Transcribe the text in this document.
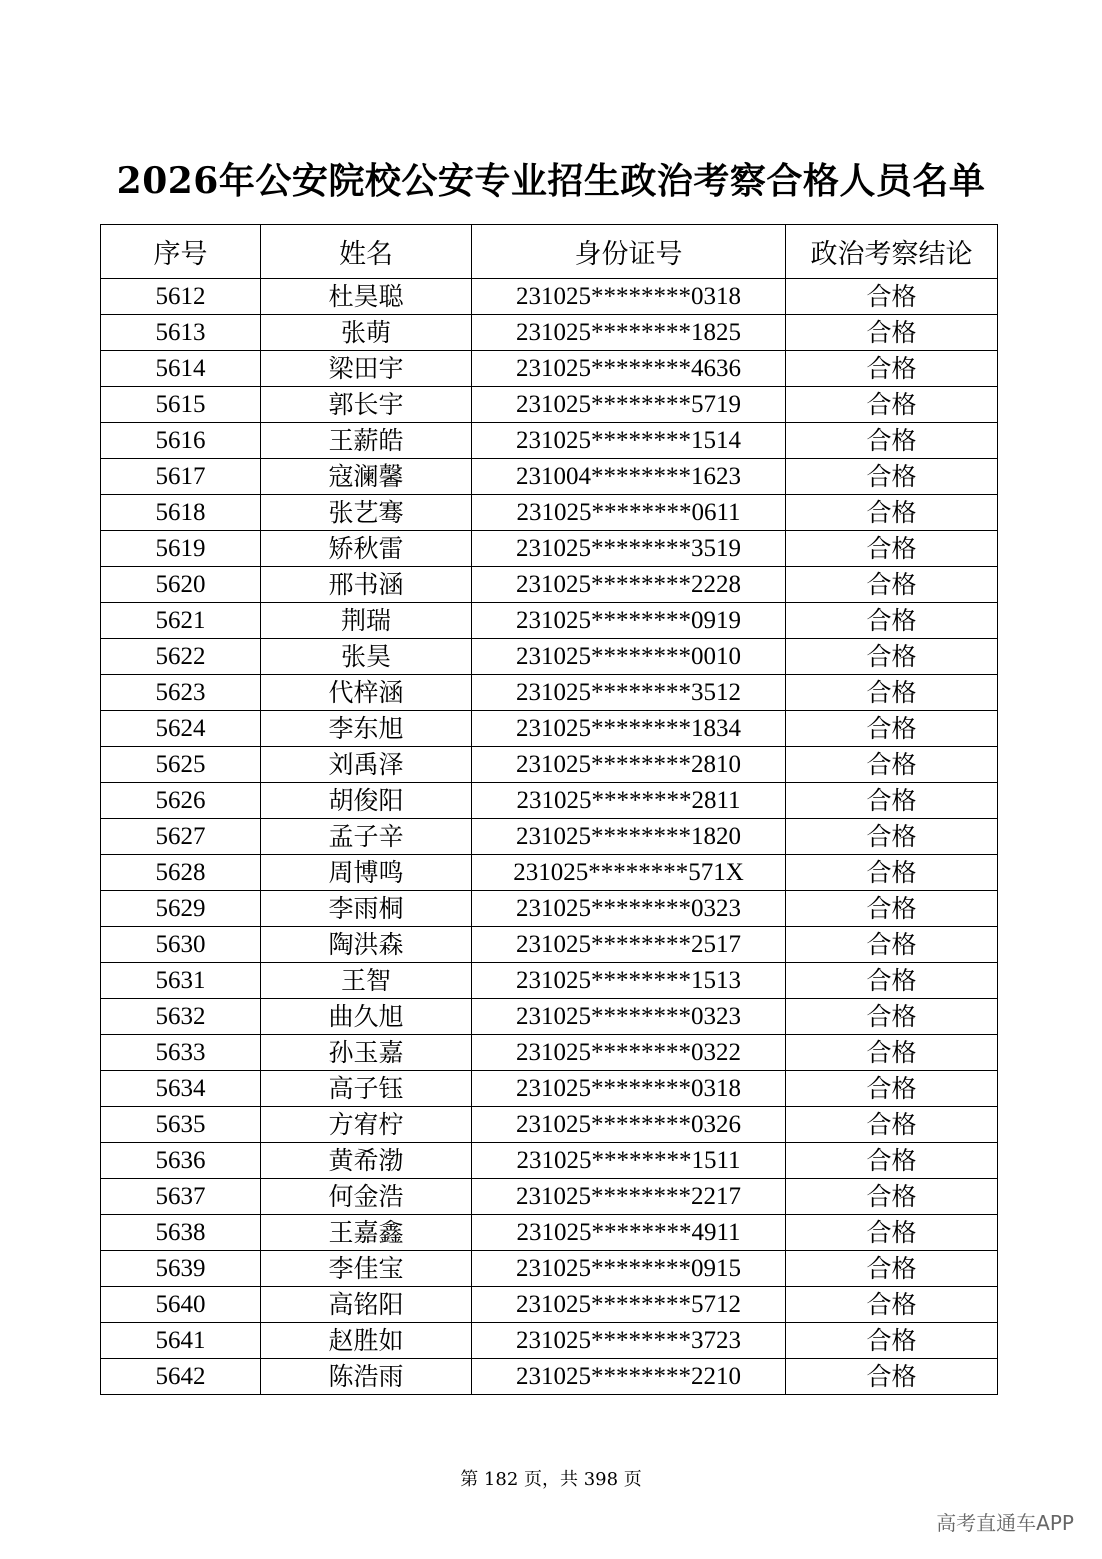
2026年公安院校公安专业招生政治考察合格人员名单
序号	姓名	身份证号	政治考察结论
5612	杜昊聪	231025********0318	合格
5613	张萌	231025********1825	合格
5614	梁田宇	231025********4636	合格
5615	郭长宇	231025********5719	合格
5616	王薪皓	231025********1514	合格
5617	寇澜馨	231004********1623	合格
5618	张艺骞	231025********0611	合格
5619	矫秋雷	231025********3519	合格
5620	邢书涵	231025********2228	合格
5621	荆瑞	231025********0919	合格
5622	张昊	231025********0010	合格
5623	代梓涵	231025********3512	合格
5624	李东旭	231025********1834	合格
5625	刘禹泽	231025********2810	合格
5626	胡俊阳	231025********2811	合格
5627	孟子辛	231025********1820	合格
5628	周博鸣	231025********571X	合格
5629	李雨桐	231025********0323	合格
5630	陶洪森	231025********2517	合格
5631	王智	231025********1513	合格
5632	曲久旭	231025********0323	合格
5633	孙玉嘉	231025********0322	合格
5634	高子钰	231025********0318	合格
5635	方宥柠	231025********0326	合格
5636	黄希渤	231025********1511	合格
5637	何金浩	231025********2217	合格
5638	王嘉鑫	231025********4911	合格
5639	李佳宝	231025********0915	合格
5640	高铭阳	231025********5712	合格
5641	赵胜如	231025********3723	合格
5642	陈浩雨	231025********2210	合格
第 182 页，共 398 页
高考直通车APP
